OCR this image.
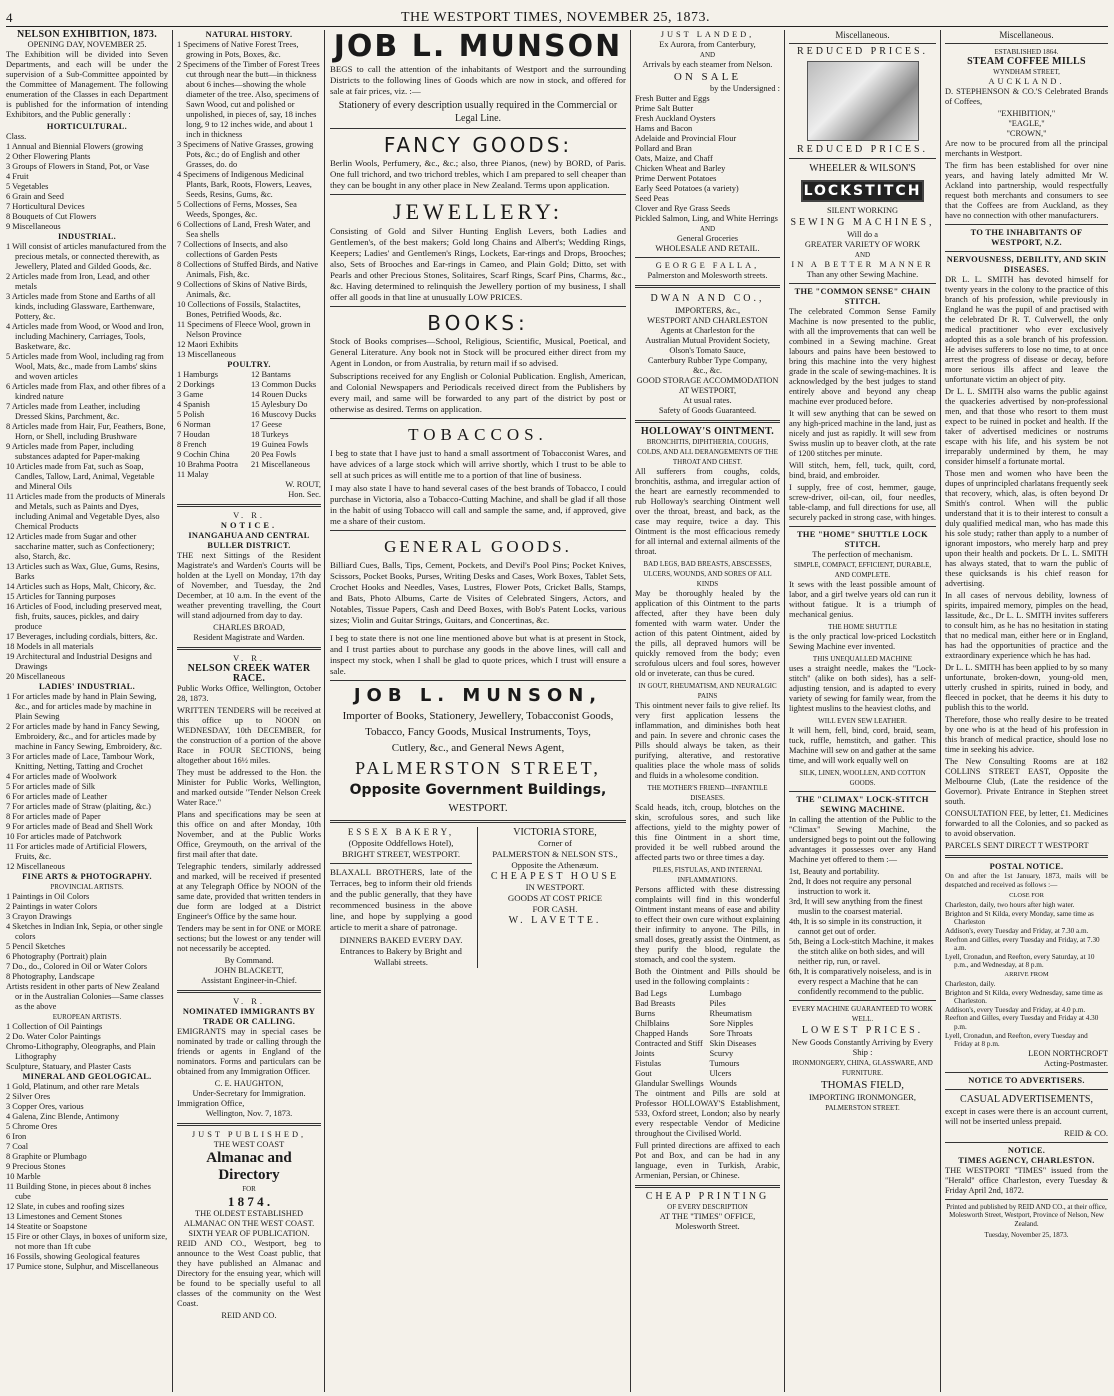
4	THE WESTPORT TIMES, NOVEMBER 25, 1873.
NELSON EXHIBITION, 1873.
OPENING DAY, NOVEMBER 25.

The Exhibition will be divided into Seven Departments, and each will be under the supervision of a Sub-Committee appointed by the Committee of Management. The following enumeration of the Classes in each Department is published for the information of intending Exhibitors, and the Public generally :

HORTICULTURAL.
Class.
1 Annual and Biennial Flowers (growing
2 Other Flowering Plants
3 Groups of Flowers in Stand, Pot, or Vase
4 Fruit
5 Vegetables
6 Grain and Seed
7 Horticultural Devices
8 Bouquets of Cut Flowers
9 Miscellaneous
INDUSTRIAL.
1 Will consist of articles manufactured from the precious metals, or connected therewith, as Jewellery, Plated and Gilded Goods, &c.
2 Articles made from Iron, Lead, and other metals
3 Articles made from Stone and Earths of all kinds, including Glassware, Earthenware, Pottery, &c.
4 Articles made from Wood, or Wood and Iron, including Machinery, Carriages, Tools, Basketware, &c.
5 Articles made from Wool, including rag from Wool, Mats, &c., made from Lambs' skins and woven articles
6 Articles made from Flax, and other fibres of a kindred nature
7 Articles made from Leather, including Dressed Skins, Parchment, &c.
8 Articles made from Hair, Fur, Feathers, Bone, Horn, or Shell, including Brushware
9 Articles made from Paper, including substances adapted for Paper-making
10 Articles made from Fat, such as Soap, Candles, Tallow, Lard, Animal, Vegetable and Mineral Oils
11 Articles made from the products of Minerals and Metals, such as Paints and Dyes, including Animal and Vegetable Dyes, also Chemical Products
12 Articles made from Sugar and other saccharine matter, such as Confectionery; also, Starch, &c.
13 Articles such as Wax, Glue, Gums, Resins, Barks
14 Articles such as Hops, Malt, Chicory, &c.
15 Articles for Tanning purposes
16 Articles of Food, including preserved meat, fish, fruits, sauces, pickles, and dairy produce
17 Beverages, including cordials, bitters, &c.
18 Models in all materials
19 Architectural and Industrial Designs and Drawings
20 Miscellaneous
LADIES' INDUSTRIAL.
1 For articles made by hand in Plain Sewing, &c., and for articles made by machine in Plain Sewing
2 For articles made by hand in Fancy Sewing, Embroidery, &c., and for articles made by machine in Fancy Sewing, Embroidery, &c.
3 For articles made of Lace, Tambour Work, Knitting, Netting, Tatting and Crochet
4 For articles made of Woolwork
5 For articles made of Silk
6 For articles made of Leather
7 For articles made of Straw (plaiting, &c.)
8 For articles made of Paper
9 For articles made of Bead and Shell Work
10 For articles made of Patchwork
11 For articles made of Artificial Flowers, Fruits, &c.
12 Miscellaneous
FINE ARTS & PHOTOGRAPHY.
PROVINCIAL ARTISTS.
1 Paintings in Oil Colors
2 Paintings in water Colors
3 Crayon Drawings
4 Sketches in Indian Ink, Sepia, or other single colors
5 Pencil Sketches
6 Photography (Portrait) plain
7 Do., do., Colored in Oil or Water Colors
8 Photography, Landscape
Artists resident in other parts of New Zealand or in the Australian Colonies—Same classes as the above
EUROPEAN ARTISTS.
1 Collection of Oil Paintings
2 Do. Water Color Paintings
Chromo-Lithography, Oleographs, and Plain Lithography
Sculpture, Statuary, and Plaster Casts
MINERAL AND GEOLOGICAL.
1 Gold, Platinum, and other rare Metals
2 Silver Ores
3 Copper Ores, various
4 Galena, Zinc Blende, Antimony
5 Chrome Ores
6 Iron
7 Coal
8 Graphite or Plumbago
9 Precious Stones
10 Marble
11 Building Stone, in pieces about 8 inches cube
12 Slate, in cubes and roofing sizes
13 Limestones and Cement Stones
14 Steatite or Soapstone
15 Fire or other Clays, in boxes of uniform size, not more than 1ft cube
16 Fossils, showing Geological features
17 Pumice stone, Sulphur, and Miscellaneous
NATURAL HISTORY.
1 Specimens of Native Forest Trees, growing in Pots, Boxes, &c.
2 Specimens of the Timber of Forest Trees cut through near the butt—in thickness about 6 inches—showing the whole diameter of the tree. Also, specimens of Sawn Wood, cut and polished or unpolished, in pieces of, say, 18 inches long, 9 to 12 inches wide, and about 1 inch in thickness
3 Specimens of Native Grasses, growing Pots, &c.; do of English and other Grasses, do. do
4 Specimens of Indigenous Medicinal Plants, Bark, Roots, Flowers, Leaves, Seeds, Resins, Gums, &c.
5 Collections of Ferns, Mosses, Sea Weeds, Sponges, &c.
6 Collections of Land, Fresh Water, and Sea shells
7 Collections of Insects, and also collections of Garden Pests
8 Collections of Stuffed Birds, and Native Animals, Fish, &c.
9 Collections of Skins of Native Birds, Animals, &c.
10 Collections of Fossils, Stalactites, Bones, Petrified Woods, &c.
11 Specimens of Fleece Wool, grown in Nelson Province
12 Maori Exhibits
13 Miscellaneous
POULTRY.
1 Hamburgs
2 Dorkings
3 Game
4 Spanish
5 Polish
6 Norman
7 Houdan
8 French
9 Cochin China
10 Brahma Pootra
11 Malay
12 Bantams
13 Common Ducks
14 Rouen Ducks
15 Aylesbury Do
16 Muscovy Ducks
17 Geese
18 Turkeys
19 Guinea Fowls
20 Pea Fowls
21 Miscellaneous
W. ROUT,
Hon. Sec.
V. R.
NOTICE.
INANGAHUA AND CENTRAL BULLER DISTRICT.

THE next Sittings of the Resident Magistrate's and Warden's Courts will be holden at the Lyell on Monday, 17th day of November, and Tuesday, the 2nd December, at 10 a.m. In the event of the weather preventing travelling, the Court will stand adjourned from day to day.

CHARLES BROAD,
Resident Magistrate and Warden.
V. R.
NELSON CREEK WATER RACE.
Public Works Office, Wellington, October 28, 1873.
WRITTEN TENDERS will be received at this office up to NOON on WEDNESDAY, 10th DECEMBER, for the construction of a portion of the above Race in FOUR SECTIONS, being altogether about 16½ miles.
They must be addressed to the Hon. the Minister for Public Works, Wellington, and marked outside "Tender Nelson Creek Water Race."
Plans and specifications may be seen at this office on and after Monday, 10th November, and at the Public Works Office, Greymouth, on the arrival of the first mail after that date.
Telegraphic tenders, similarly addressed and marked, will be received if presented at any Telegraph Office by NOON of the same date, provided that written tenders in due form are lodged at a District Engineer's Office by the same hour.
Tenders may be sent in for ONE or MORE sections; but the lowest or any tender will not necessarily be accepted.
By Command.
JOHN BLACKETT,
Assistant Engineer-in-Chief.
V. R.
NOMINATED IMMIGRANTS BY TRADE OR CALLING.

EMIGRANTS may in special cases be nominated by trade or calling through the friends or agents in England of the nominators. Forms and particulars can be obtained from any Immigration Officer.

C. E. HAUGHTON,
Under-Secretary for Immigration.
Immigration Office,
Wellington, Nov. 7, 1873.
JUST PUBLISHED,
THE WEST COAST
Almanac and Directory
FOR
1 8 7 4 .
THE OLDEST ESTABLISHED ALMANAC ON THE WEST COAST.
SIXTH YEAR OF PUBLICATION.

REID AND CO., Westport, beg to announce to the West Coast public, that they have published an Almanac and Directory for the ensuing year, which will be found to be specially useful to all classes of the community on the West Coast.

REID AND CO.
JOB L. MUNSON

BEGS to call the attention of the inhabitants of Westport and the surrounding Districts to the following lines of Goods which are now in stock, and offered for sale at fair prices, viz. :—

Stationery of every description usually required in the Commercial or Legal Line.
FANCY GOODS:

Berlin Wools, Perfumery, &c., &c.; also, three Pianos, (new) by BORD, of Paris. One full trichord, and two trichord trebles, which I am prepared to sell cheaper than they can be bought in any other place in New Zealand. Terms upon application.

JEWELLERY:

Consisting of Gold and Silver Hunting English Levers, both Ladies and Gentlemen's, of the best makers; Gold long Chains and Albert's; Wedding Rings, Keepers; Ladies' and Gentlemen's Rings, Lockets, Ear-rings and Drops, Brooches; also, Sets of Brooches and Ear-rings in Cameo, and Plain Gold; Ditto, set with Pearls and other Precious Stones, Solitaires, Scarf Rings, Scarf Pins, Charms, &c., &c. Having determined to relinquish the Jewellery portion of my business, I shall offer all goods in that line at unusually LOW PRICES.

BOOKS:

Stock of Books comprises—School, Religious, Scientific, Musical, Poetical, and General Literature. Any book not in Stock will be procured either direct from my Agent in London, or from Australia, by return mail if so advised.

Subscriptions received for any English or Colonial Publication. English, American, and Colonial Newspapers and Periodicals received direct from the Publishers by every mail, and same will be forwarded to any part of the district by post or otherwise as desired. Terms on application.

TOBACCOS.

I beg to state that I have just to hand a small assortment of Tobacconist Wares, and have advices of a large stock which will arrive shortly, which I trust to be able to sell at such prices as will entitle me to a portion of that line of business.

I may also state I have to hand several cases of the best brands of Tobacco, I could purchase in Victoria, also a Tobacco-Cutting Machine, and shall be glad if all those in the habit of using Tobacco will call and sample the same, and, if approved, give me a share of their custom.

GENERAL GOODS.

Billiard Cues, Balls, Tips, Cement, Pockets, and Devil's Pool Pins; Pocket Knives, Scissors, Pocket Books, Purses, Writing Desks and Cases, Work Boxes, Tablet Sets, Crochet Hooks and Needles, Vases, Lustres, Flower Pots, Cricket Balls, Stamps, and Bats, Photo Albums, Carte de Visites of Celebrated Singers, Actors, and Notables, Tissue Papers, Cash and Deed Boxes, with Bob's Patent Locks, various sizes; Violin and Guitar Strings, Guitars, and Concertinas, &c.

I beg to state there is not one line mentioned above but what is at present in Stock, and I trust parties about to purchase any goods in the above lines, will call and inspect my stock, when I shall be glad to quote prices, which I trust will ensure a sale.

JOB L. MUNSON,
Importer of Books, Stationery, Jewellery, Tobacconist Goods,
Tobacco, Fancy Goods, Musical Instruments, Toys,
Cutlery, &c., and General News Agent,
PALMERSTON STREET,
Opposite Government Buildings,
WESTPORT.
ESSEX BAKERY,
(Opposite Oddfellows Hotel),
BRIGHT STREET, WESTPORT.

BLAXALL BROTHERS, late of the Terraces, beg to inform their old friends and the public generally, that they have recommenced business in the above line, and hope by supplying a good article to merit a share of patronage.

DINNERS BAKED EVERY DAY.
Entrances to Bakery by Bright and Wallabi streets.
VICTORIA STORE,
Corner of
PALMERSTON & NELSON STS.,
Opposite the Athenæum.
CHEAPEST HOUSE
IN WESTPORT.
GOODS AT COST PRICE
FOR CASH.
W. LAVETTE.
JUST LANDED,
Ex Aurora, from Canterbury,
AND
Arrivals by each steamer from Nelson.
ON SALE
by the Undersigned :
Fresh Butter and Eggs
Prime Salt Butter
Fresh Auckland Oysters
Hams and Bacon
Adelaide and Provincial Flour
Pollard and Bran
Oats, Maize, and Chaff
Chicken Wheat and Barley
Prime Derwent Potatoes
Early Seed Potatoes (a variety)
Seed Peas
Clover and Rye Grass Seeds
Pickled Salmon, Ling, and White Herrings
AND
General Groceries
WHOLESALE AND RETAIL.
GEORGE FALLA,
Palmerston and Molesworth streets.
DWAN AND CO.,
IMPORTERS, &c.,
WESTPORT AND CHARLESTON
Agents at Charleston for the
Australian Mutual Provident Society,
Olson's Tomato Sauce,
Canterbury Rubber Type Company,
&c., &c.
GOOD STORAGE ACCOMMODATION AT WESTPORT,
At usual rates.
Safety of Goods Guaranteed.
HOLLOWAY'S OINTMENT.
BRONCHITIS, DIPHTHERIA, COUGHS, COLDS, AND ALL DERANGEMENTS OF THE THROAT AND CHEST.

All sufferers from coughs, colds, bronchitis, asthma, and irregular action of the heart are earnestly recommended to rub Holloway's searching Ointment well over the throat, breast, and back, as the case may require, twice a day. This Ointment is the most efficacious remedy for all internal and external ailments of the throat.

BAD LEGS, BAD BREASTS, ABSCESSES, ULCERS, WOUNDS, AND SORES OF ALL KINDS

May be thoroughly healed by the application of this Ointment to the parts affected, after they have been duly fomented with warm water. Under the action of this patent Ointment, aided by the pills, all depraved humors will be quickly removed from the body; even scrofulous ulcers and foul sores, however old or inveterate, can thus be cured.

IN GOUT, RHEUMATISM, AND NEURALGIC PAINS

This ointment never fails to give relief. Its very first application lessens the inflammation, and diminishes both heat and pain. In severe and chronic cases the Pills should always be taken, as their purifying, alterative, and restorative qualities place the whole mass of solids and fluids in a wholesome condition.

THE MOTHER'S FRIEND—INFANTILE DISEASES.

Scald heads, itch, croup, blotches on the skin, scrofulous sores, and such like affections, yield to the mighty power of this fine Ointment in a short time, provided it be well rubbed around the affected parts two or three times a day.

PILES, FISTULAS, AND INTERNAL INFLAMMATIONS.

Persons afflicted with these distressing complaints will find in this wonderful Ointment instant means of ease and ability to effect their own cure without explaining their infirmity to anyone. The Pills, in small doses, greatly assist the Ointment, as they purify the blood, regulate the stomach, and cool the system.

Both the Ointment and Pills should be used in the following complaints :

Bad Legs
Bad Breasts
Burns
Chilblains
Chapped Hands
Contracted and Stiff Joints
Fistulas
Gout
Glandular Swellings
Lumbago
Piles
Rheumatism
Sore Nipples
Sore Throats
Skin Diseases
Scurvy
Tumours
Ulcers
Wounds

The ointment and Pills are sold at Professor HOLLOWAY'S Establishment, 533, Oxford street, London; also by nearly every respectable Vendor of Medicine throughout the Civilised World.

Full printed directions are affixed to each Pot and Box, and can be had in any language, even in Turkish, Arabic, Armenian, Persian, or Chinese.

CHEAP PRINTING
OF EVERY DESCRIPTION
AT THE "TIMES" OFFICE,
Molesworth Street.
Miscellaneous.
REDUCED PRICES.
REDUCED PRICES.
WHEELER & WILSON'S
LOCKSTITCH
SILENT WORKING
SEWING MACHINES,
Will do a
GREATER VARIETY OF WORK
AND
IN A BETTER MANNER
Than any other Sewing Machine.
THE "COMMON SENSE" CHAIN STITCH.

The celebrated Common Sense Family Machine is now presented to the public, with all the improvements that can well be combined in a Sewing machine. Great labours and pains have been bestowed to bring this machine into the very highest grade in the scale of sewing-machines. It is acknowledged by the best judges to stand entirely above and beyond any cheap machine ever produced before.

It will sew anything that can be sewed on any high-priced machine in the land, just as nicely and just as rapidly. It will sew from Swiss muslin up to beaver cloth, at the rate of 1200 stitches per minute.

Will stitch, hem, fell, tuck, quilt, cord, bind, braid, and embroider.

I supply, free of cost, hemmer, gauge, screw-driver, oil-can, oil, four needles, table-clamp, and full directions for use, all securely packed in strong case, with hinges.

THE "HOME" SHUTTLE LOCK STITCH.
The perfection of mechanism.
SIMPLE, COMPACT, EFFICIENT, DURABLE, AND COMPLETE.

It sews with the least possible amount of labor, and a girl twelve years old can run it without fatigue. It is a triumph of mechanical genius.

THE HOME SHUTTLE

is the only practical low-priced Lockstitch Sewing Machine ever invented.

THIS UNEQUALLED MACHINE

uses a straight needle, makes the "Lock-stitch" (alike on both sides), has a self-adjusting tension, and is adapted to every variety of sewing for family wear, from the lightest muslins to the heaviest cloths, and

WILL EVEN SEW LEATHER.

It will hem, fell, bind, cord, braid, seam, tuck, ruffle, hemstitch, and gather. This Machine will sew on and gather at the same time, and will work equally well on

SILK, LINEN, WOOLLEN, AND COTTON GOODS.
THE "CLIMAX" LOCK-STITCH SEWING MACHINE.

In calling the attention of the Public to the "Climax" Sewing Machine, the undersigned begs to point out the following advantages it possesses over any Hand Machine yet offered to them :—

1st, Beauty and portability.
2nd, It does not require any personal instruction to work it.
3rd, It will sew anything from the finest muslin to the coarsest material.
4th, It is so simple in its construction, it cannot get out of order.
5th, Being a Lock-stitch Machine, it makes the stitch alike on both sides, and will neither rip, run, or ravel.
6th, It is comparatively noiseless, and is in every respect a Machine that he can confidently recommend to the public.
EVERY MACHINE GUARANTEED TO WORK WELL.
LOWEST PRICES.
New Goods Constantly Arriving by Every Ship :
IRONMONGERY, CHINA, GLASSWARE, AND FURNITURE.
THOMAS FIELD,
IMPORTING IRONMONGER,
PALMERSTON STREET.
Miscellaneous.
ESTABLISHED 1864.
STEAM COFFEE MILLS
WYNDHAM STREET,
AUCKLAND.

D. STEPHENSON & CO.'S Celebrated Brands of Coffees,

"EXHIBITION,"
"EAGLE,"
"CROWN,"

Are now to be procured from all the principal merchants in Westport.

The firm has been established for over nine years, and having lately admitted Mr W. Ackland into partnership, would respectfully request both merchants and consumers to see that the Coffees are from Auckland, as they have no connection with other manufacturers.

TO THE INHABITANTS OF WESTPORT, N.Z.
NERVOUSNESS, DEBILITY, AND SKIN DISEASES.

DR L. L. SMITH has devoted himself for twenty years in the colony to the practice of this branch of his profession, while previously in England he was the pupil of and practised with the celebrated Dr R. T. Culverwell, the only medical practitioner who ever exclusively adopted this as a sole branch of his profession. He advises sufferers to lose no time, to at once arrest the progress of disease or decay, before more serious ills affect and leave the unfortunate victim an object of pity.

Dr L. L. SMITH also warns the public against the quackeries advertised by non-professional men, and that those who resort to them must expect to be ruined in pocket and health. If the taker of advertised medicines or nostrums escape with his life, and his system be not irreparably undermined by them, he may consider himself a fortunate mortal.

Those men and women who have been the dupes of unprincipled charlatans frequently seek that recovery, which, alas, is often beyond Dr Smith's control. When will the public understand that it is to their interest to consult a duly qualified medical man, who has made this his sole study; rather than apply to a number of ignorant impostors, who merely harp and prey upon their health and pockets. Dr L. L. SMITH has always stated, that to warn the public of these quicksands is his chief reason for advertising.

In all cases of nervous debility, lowness of spirits, impaired memory, pimples on the head, lassitude, &c., Dr L. L. SMITH invites sufferers to consult him, as he has no hesitation in stating that no medical man, either here or in England, has had the opportunities of practice and the extraordinary experience which he has had.

Dr L. L. SMITH has been applied to by so many unfortunate, broken-down, young-old men, utterly crushed in spirits, ruined in body, and fleeced in pocket, that he deems it his duty to publish this to the world.

Therefore, those who really desire to be treated by one who is at the head of his profession in this branch of medical practice, should lose no time in seeking his advice.

The New Consulting Rooms are at 182 COLLINS STREET EAST, Opposite the Melbourne Club, (Late the residence of the Governor). Private Entrance in Stephen street south.

CONSULTATION FEE, by letter, £1. Medicines forwarded to all the Colonies, and so packed as to avoid observation.

PARCELS SENT DIRECT T WESTPORT
POSTAL NOTICE.

On and after the 1st January, 1873, mails will be despatched and received as follows :—

CLOSE FOR
Charleston, daily, two hours after high water.
Brighton and St Kilda, every Monday, same time as Charleston
Addison's, every Tuesday and Friday, at 7.30 a.m.
Reefton and Gilles, every Tuesday and Friday, at 7.30 a.m.
Lyell, Cronadun, and Reefton, every Saturday, at 10 p.m., and Wednesday, at 8 p.m.
ARRIVE FROM
Charleston, daily.
Brighton and St Kilda, every Wednesday, same time as Charleston.
Addison's, every Tuesday and Friday, at 4.0 p.m.
Reefton and Gilles, every Tuesday and Friday at 4.30 p.m.
Lyell, Cronadun, and Reefton, every Tuesday and Friday at 8 p.m.
LEON NORTHCROFT
Acting-Postmaster.
NOTICE TO ADVERTISERS.
CASUAL ADVERTISEMENTS,

except in cases were there is an account current, will not be inserted unless prepaid.

REID & CO.
NOTICE.
TIMES AGENCY, CHARLESTON.

THE WESTPORT "TIMES" issued from the "Herald" office Charleston, every Tuesday & Friday April 2nd, 1872.

Printed and published by REID AND CO., at their office, Molesworth Street, Westport, Province of Nelson, New Zealand.

Tuesday, November 25, 1873.
